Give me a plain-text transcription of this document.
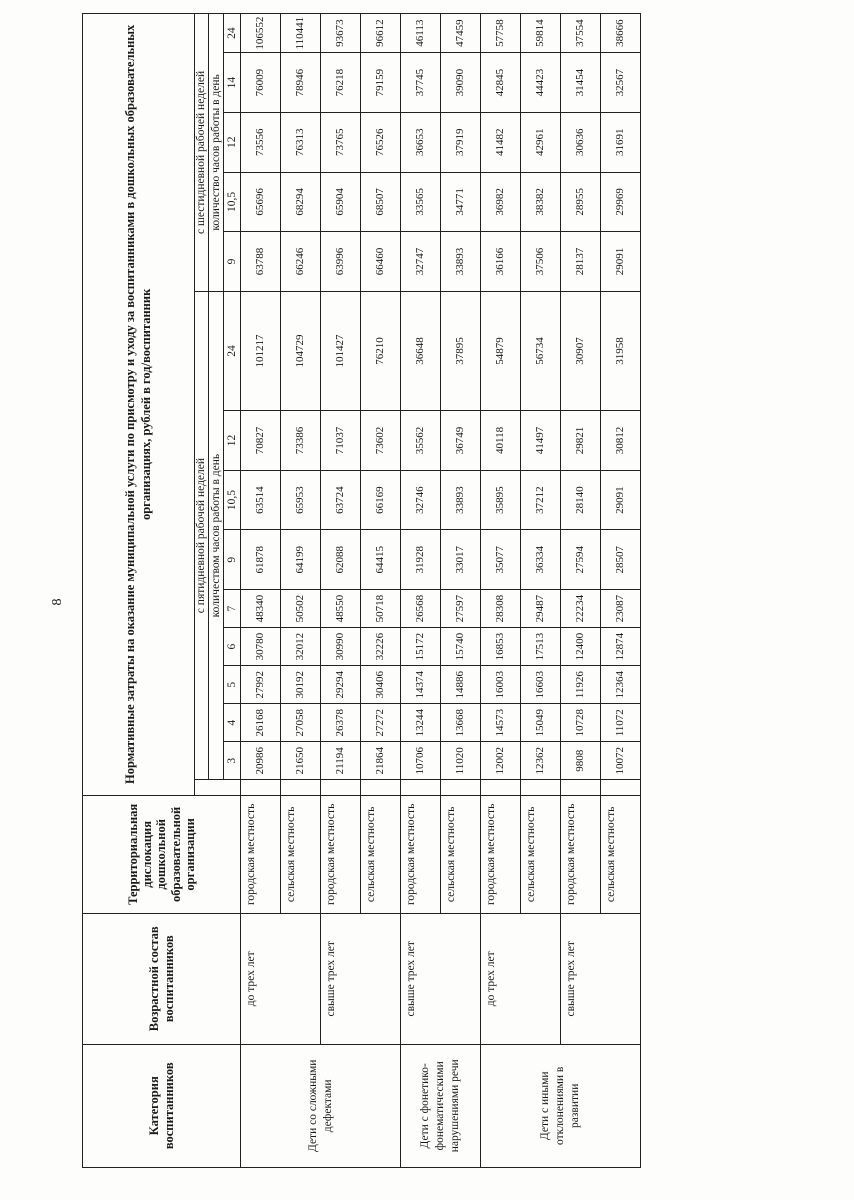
8
Категория воспитанников	Возрастной состав воспитанников	Территориальная дислокация дошкольной образовательной организации	Нормативные затраты на оказание муниципальной услуги по присмотру и уходу за воспитанниками в дошкольных образовательных организациях, рублей в год/воспитанник														
				с пятидневной рабочей неделей									с шестидневной рабочей неделей				
				количеством часов работы в день									количество часов работы в день				
				3	4	5	6	7	9	10,5	12	24	9	10,5	12	14	24
Дети со сложными дефектами	до трех лет	городская местность		20986	26168	27992	30780	48340	61878	63514	70827	101217	63788	65696	73556	76009	106552
		сельская местность		21650	27058	30192	32012	50502	64199	65953	73386	104729	66246	68294	76313	78946	110441
	свыше трех лет	городская местность		21194	26378	29294	30990	48550	62088	63724	71037	101427	63996	65904	73765	76218	93673
		сельская местность		21864	27272	30406	32226	50718	64415	66169	73602	76210	66460	68507	76526	79159	96612
Дети с фонетико-фонематическими нарушениями речи	свыше трех лет	городская местность		10706	13244	14374	15172	26568	31928	32746	35562	36648	32747	33565	36653	37745	46113
		сельская местность		11020	13668	14886	15740	27597	33017	33893	36749	37895	33893	34771	37919	39090	47459
Дети с иными отклонениями в развитии	до трех лет	городская местность		12002	14573	16003	16853	28308	35077	35895	40118	54879	36166	36982	41482	42845	57758
		сельская местность		12362	15049	16603	17513	29487	36334	37212	41497	56734	37506	38382	42961	44423	59814
	свыше трех лет	городская местность		9808	10728	11926	12400	22234	27594	28140	29821	30907	28137	28955	30636	31454	37554
		сельская местность		10072	11072	12364	12874	23087	28507	29091	30812	31958	29091	29969	31691	32567	38666
